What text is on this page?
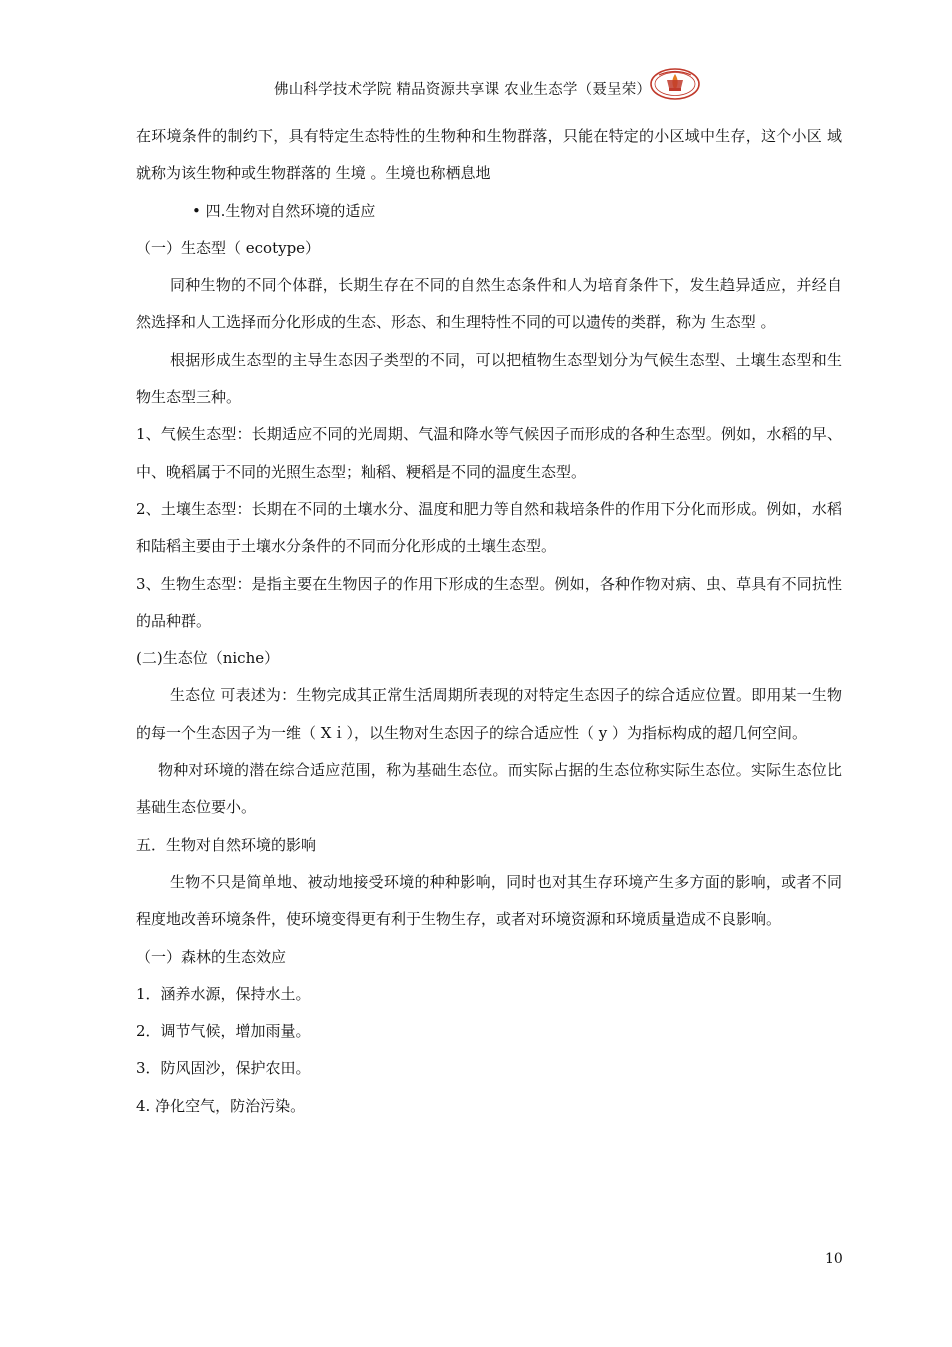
佛山科学技术学院 精品资源共享课 农业生态学（聂呈荣）

在环境条件的制约下，具有特定生态特性的生物种和生物群落，只能在特定的小区域中生存，这个小区 域就称为该生物种或生物群落的 生境 。生境也称栖息地

• 四.生物对自然环境的适应

（一）生态型（ ecotype）

同种生物的不同个体群，长期生存在不同的自然生态条件和人为培育条件下，发生趋异适应，并经自然选择和人工选择而分化形成的生态、形态、和生理特性不同的可以遗传的类群，称为 生态型 。

根据形成生态型的主导生态因子类型的不同，可以把植物生态型划分为气候生态型、土壤生态型和生物生态型三种。

1、气候生态型：长期适应不同的光周期、气温和降水等气候因子而形成的各种生态型。例如，水稻的早、中、晚稻属于不同的光照生态型；籼稻、粳稻是不同的温度生态型。

2、土壤生态型：长期在不同的土壤水分、温度和肥力等自然和栽培条件的作用下分化而形成。例如，水稻和陆稻主要由于土壤水分条件的不同而分化形成的土壤生态型。

3、生物生态型：是指主要在生物因子的作用下形成的生态型。例如，各种作物对病、虫、草具有不同抗性的品种群。

(二)生态位（niche）

生态位 可表述为：生物完成其正常生活周期所表现的对特定生态因子的综合适应位置。即用某一生物的每一个生态因子为一维（ Xｉ），以生物对生态因子的综合适应性（ y ）为指标构成的超几何空间。

物种对环境的潜在综合适应范围，称为基础生态位。而实际占据的生态位称实际生态位。实际生态位比基础生态位要小。

五．生物对自然环境的影响

生物不只是简单地、被动地接受环境的种种影响，同时也对其生存环境产生多方面的影响，或者不同程度地改善环境条件，使环境变得更有利于生物生存，或者对环境资源和环境质量造成不良影响。

（一）森林的生态效应

1．涵养水源，保持水土。

2．调节气候，增加雨量。

3．防风固沙，保护农田。

4. 净化空气，防治污染。

10
